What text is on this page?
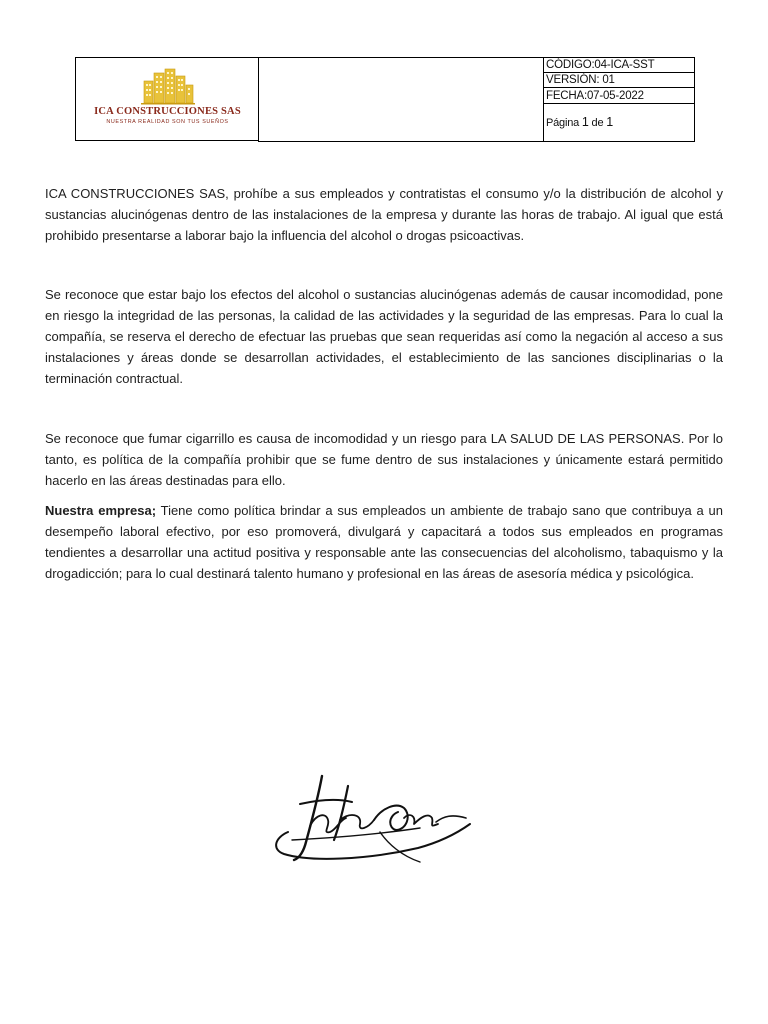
ICA CONSTRUCCIONES SAS
NUESTRA REALIDAD SON TUS SUEÑOS
CÓDIGO:04-ICA-SST
VERSIÓN: 01
FECHA:07-05-2022
Página 1 de 1

ICA CONSTRUCCIONES SAS, prohíbe a sus empleados y contratistas el consumo y/o la distribución de alcohol y sustancias alucinógenas dentro de las instalaciones de la empresa y durante las horas de trabajo. Al igual que está prohibido presentarse a laborar bajo la influencia del alcohol o drogas psicoactivas.

Se reconoce que estar bajo los efectos del alcohol o sustancias alucinógenas además de causar incomodidad, pone en riesgo la integridad de las personas, la calidad de las actividades y la seguridad de las empresas. Para lo cual la compañía, se reserva el derecho de efectuar las pruebas que sean requeridas así como la negación al acceso a sus instalaciones y áreas donde se desarrollan actividades, el establecimiento de las sanciones disciplinarias o la terminación contractual.

Se reconoce que fumar cigarrillo es causa de incomodidad y un riesgo para LA SALUD DE LAS PERSONAS. Por lo tanto, es política de la compañía prohibir que se fume dentro de sus instalaciones y únicamente estará permitido hacerlo en las áreas destinadas para ello.

Nuestra empresa; Tiene como política brindar a sus empleados un ambiente de trabajo sano que contribuya a un desempeño laboral efectivo, por eso promoverá, divulgará y capacitará a todos sus empleados en programas tendientes a desarrollar una actitud positiva y responsable ante las consecuencias del alcoholismo, tabaquismo y la drogadicción; para lo cual destinará talento humano y profesional en las áreas de asesoría médica y psicológica.
